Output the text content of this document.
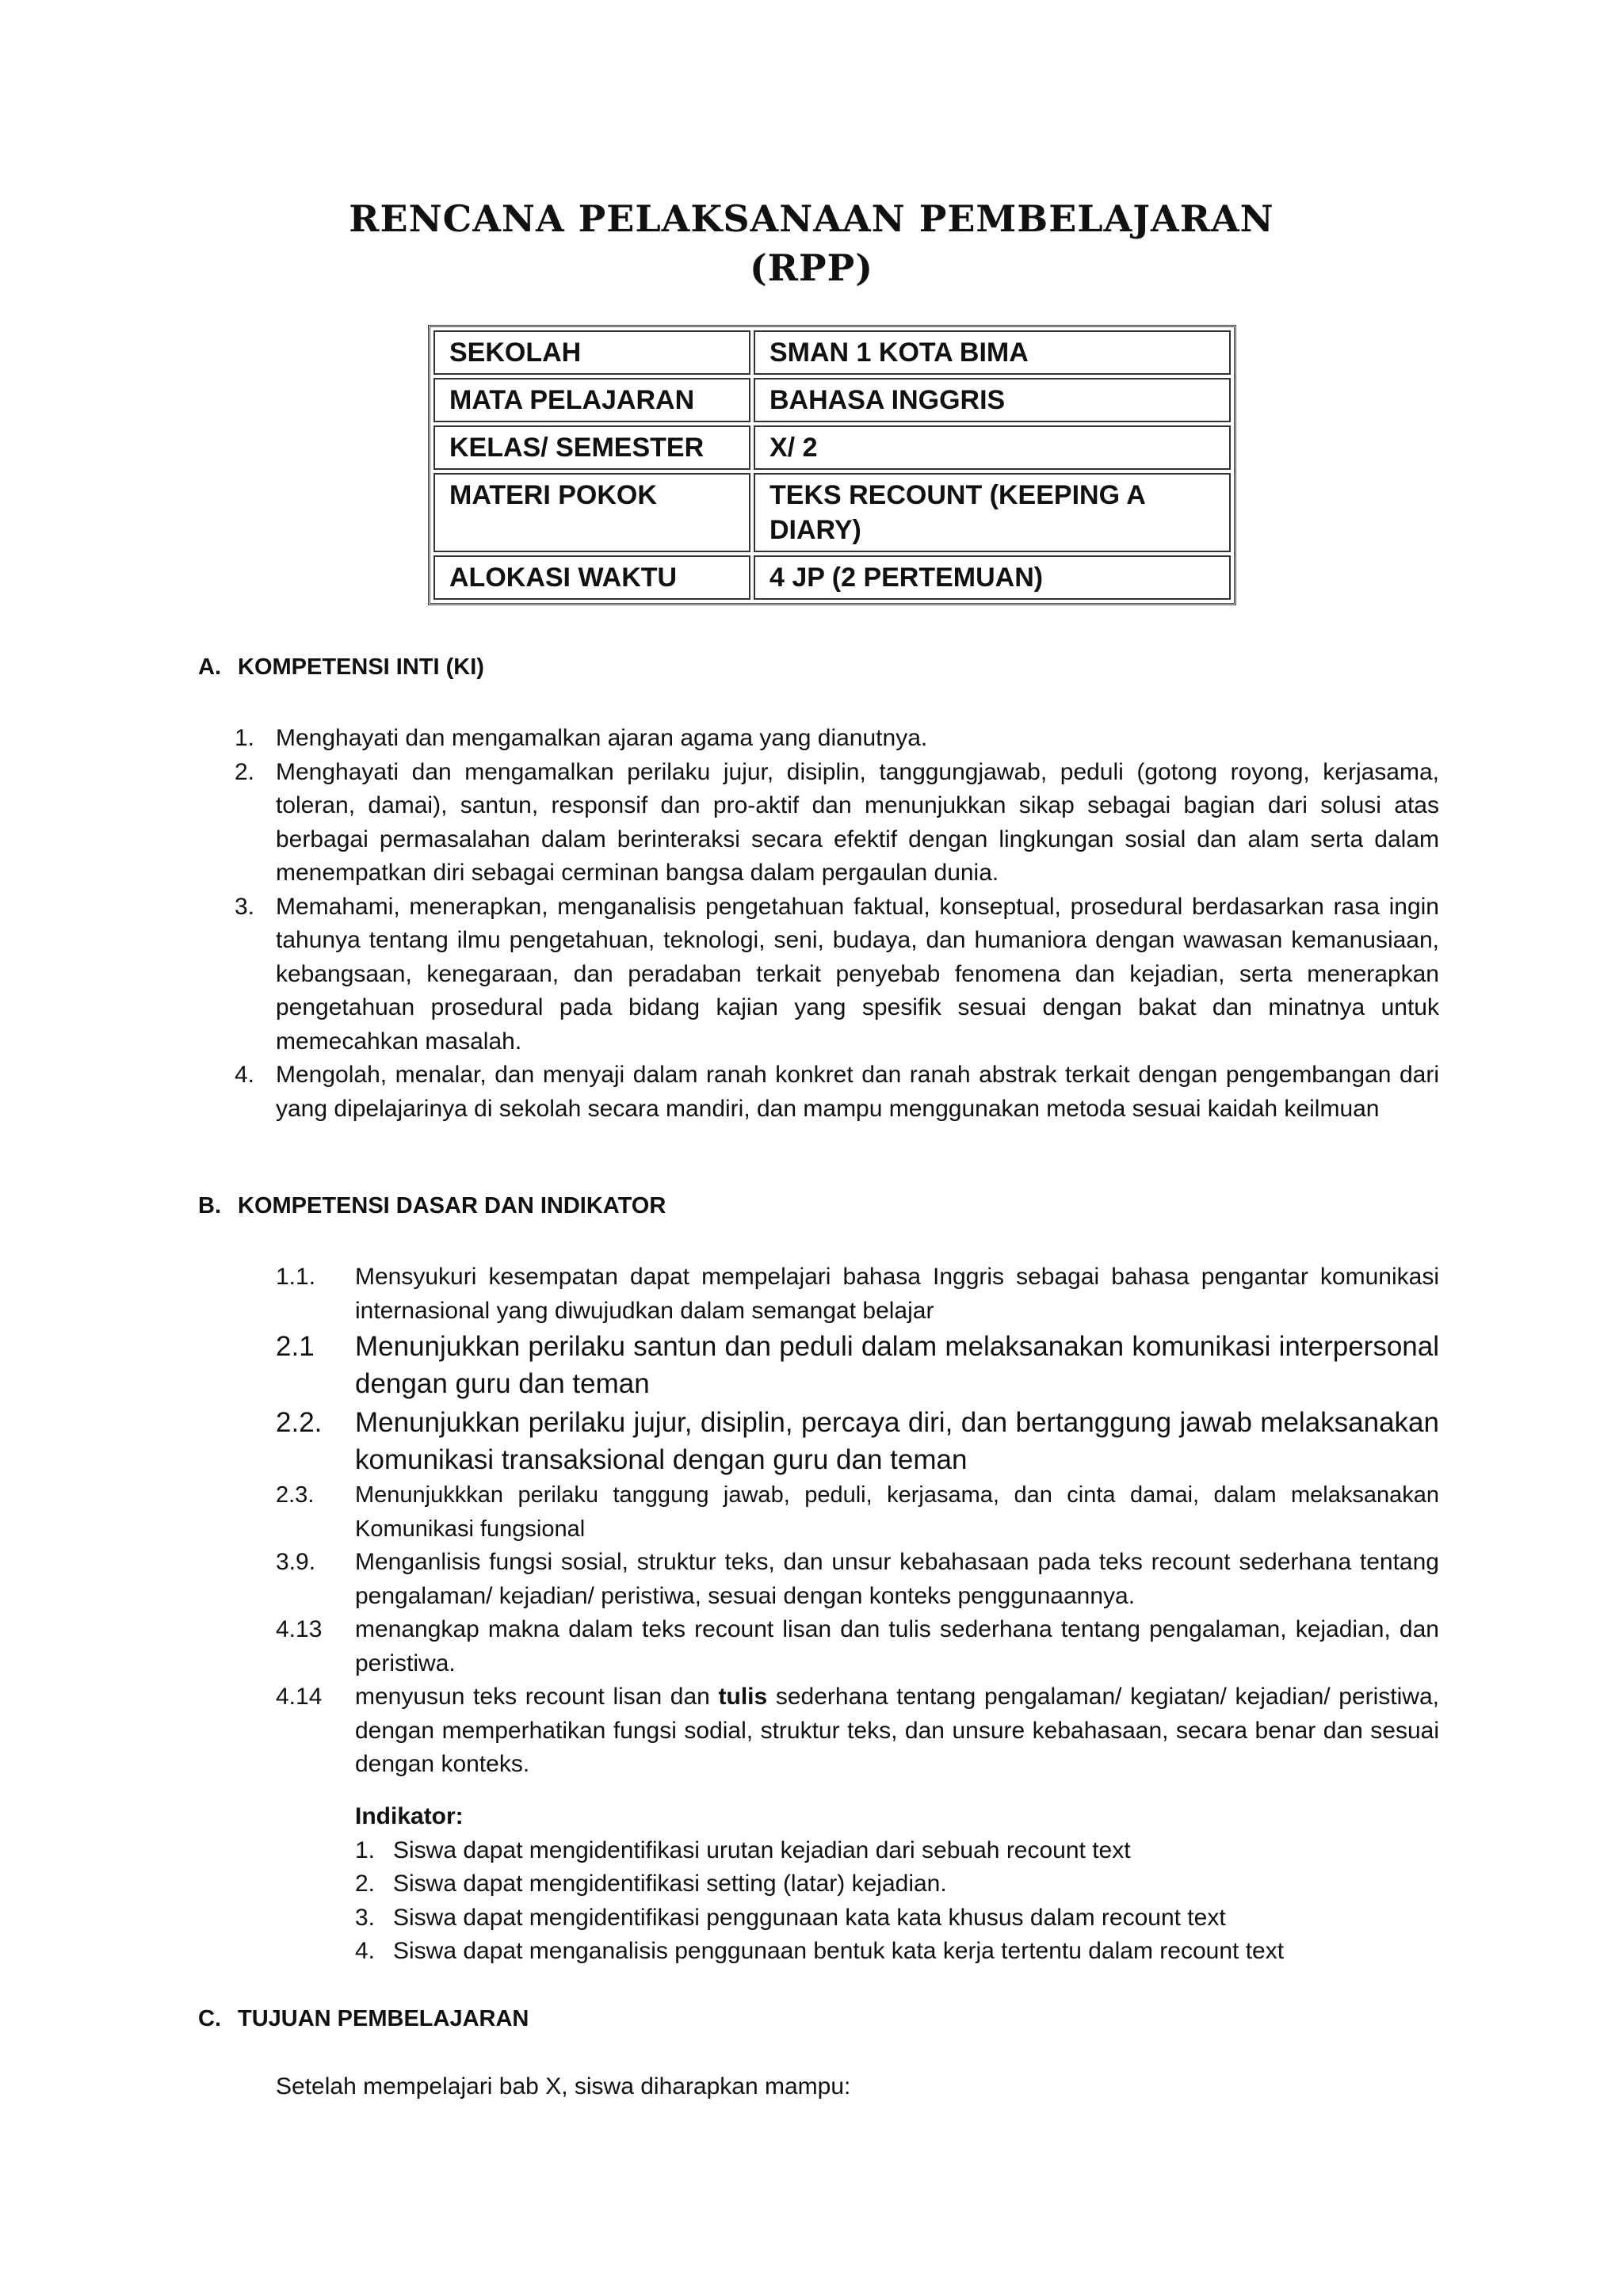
RENCANA PELAKSANAAN PEMBELAJARAN
(RPP)
SEKOLAH	SMAN 1 KOTA BIMA
MATA PELAJARAN	BAHASA INGGRIS
KELAS/ SEMESTER	X/ 2
MATERI POKOK	TEKS RECOUNT (KEEPING A DIARY)
ALOKASI WAKTU	4 JP (2 PERTEMUAN)
A. KOMPETENSI INTI (KI)
1. Menghayati dan mengamalkan ajaran agama yang dianutnya.
2. Menghayati dan mengamalkan perilaku jujur, disiplin, tanggungjawab, peduli (gotong royong, kerjasama, toleran, damai), santun, responsif dan pro-aktif dan menunjukkan sikap sebagai bagian dari solusi atas berbagai permasalahan dalam berinteraksi secara efektif dengan lingkungan sosial dan alam serta dalam menempatkan diri sebagai cerminan bangsa dalam pergaulan dunia.
3. Memahami, menerapkan, menganalisis pengetahuan faktual, konseptual, prosedural berdasarkan rasa ingin tahunya tentang ilmu pengetahuan, teknologi, seni, budaya, dan humaniora dengan wawasan kemanusiaan, kebangsaan, kenegaraan, dan peradaban terkait penyebab fenomena dan kejadian, serta menerapkan pengetahuan prosedural pada bidang kajian yang spesifik sesuai dengan bakat dan minatnya untuk memecahkan masalah.
4. Mengolah, menalar, dan menyaji dalam ranah konkret dan ranah abstrak terkait dengan pengembangan dari yang dipelajarinya di sekolah secara mandiri, dan mampu menggunakan metoda sesuai kaidah keilmuan
B. KOMPETENSI DASAR DAN INDIKATOR
1.1. Mensyukuri kesempatan dapat mempelajari bahasa Inggris sebagai bahasa pengantar komunikasi internasional yang diwujudkan dalam semangat belajar
2.1 Menunjukkan perilaku santun dan peduli dalam melaksanakan komunikasi interpersonal dengan guru dan teman
2.2. Menunjukkan perilaku jujur, disiplin, percaya diri, dan bertanggung jawab melaksanakan komunikasi transaksional dengan guru dan teman
2.3. Menunjukkkan perilaku tanggung jawab, peduli, kerjasama, dan cinta damai, dalam melaksanakan Komunikasi fungsional
3.9. Menganlisis fungsi sosial, struktur teks, dan unsur kebahasaan pada teks recount sederhana tentang pengalaman/ kejadian/ peristiwa, sesuai dengan konteks penggunaannya.
4.13 menangkap makna dalam teks recount lisan dan tulis sederhana tentang pengalaman, kejadian, dan peristiwa.
4.14 menyusun teks recount lisan dan tulis sederhana tentang pengalaman/ kegiatan/ kejadian/ peristiwa, dengan memperhatikan fungsi sodial, struktur teks, dan unsure kebahasaan, secara benar dan sesuai dengan konteks.
Indikator:
1. Siswa dapat mengidentifikasi urutan kejadian dari sebuah recount text
2. Siswa dapat mengidentifikasi setting (latar) kejadian.
3. Siswa dapat mengidentifikasi penggunaan kata kata khusus dalam recount text
4. Siswa dapat menganalisis penggunaan bentuk kata kerja tertentu dalam recount text
C. TUJUAN PEMBELAJARAN
Setelah mempelajari bab X, siswa diharapkan mampu:
